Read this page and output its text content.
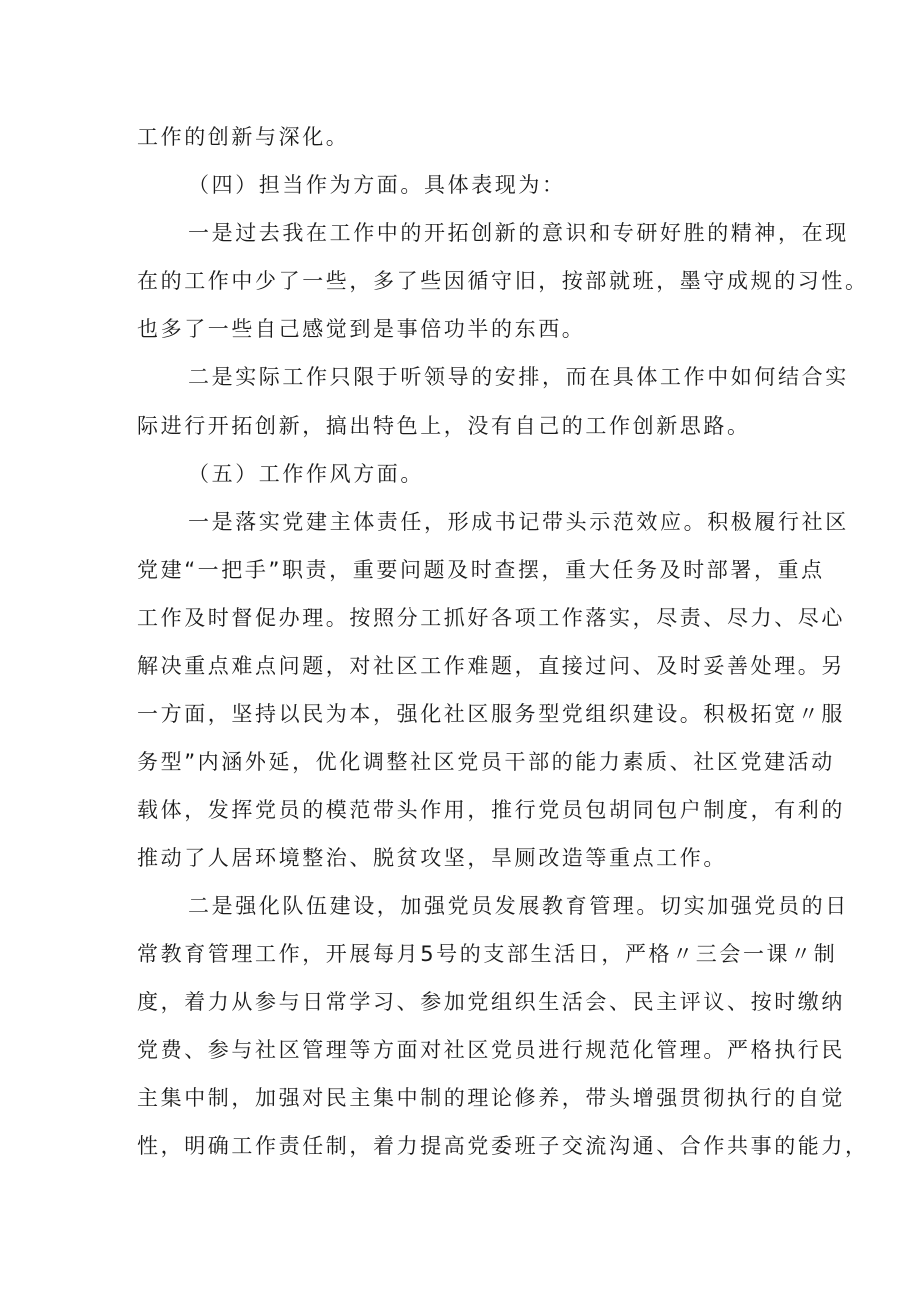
工作的创新与深化。
（四）担当作为方面。具体表现为：
一是过去我在工作中的开拓创新的意识和专研好胜的精神，在现
在的工作中少了一些，多了些因循守旧，按部就班，墨守成规的习性。
也多了一些自己感觉到是事倍功半的东西。
二是实际工作只限于听领导的安排，而在具体工作中如何结合实
际进行开拓创新，搞出特色上，没有自己的工作创新思路。
（五）工作作风方面。
一是落实党建主体责任，形成书记带头示范效应。积极履行社区
党建“一把手”职责，重要问题及时查摆，重大任务及时部署，重点
工作及时督促办理。按照分工抓好各项工作落实，尽责、尽力、尽心
解决重点难点问题，对社区工作难题，直接过问、及时妥善处理。另
一方面，坚持以民为本，强化社区服务型党组织建设。积极拓宽〃服
务型”内涵外延，优化调整社区党员干部的能力素质、社区党建活动
载体，发挥党员的模范带头作用，推行党员包胡同包户制度，有利的
推动了人居环境整治、脱贫攻坚，旱厕改造等重点工作。
二是强化队伍建设，加强党员发展教育管理。切实加强党员的日
常教育管理工作，开展每月5号的支部生活日，严格〃三会一课〃制
度，着力从参与日常学习、参加党组织生活会、民主评议、按时缴纳
党费、参与社区管理等方面对社区党员进行规范化管理。严格执行民
主集中制，加强对民主集中制的理论修养，带头增强贯彻执行的自觉
性，明确工作责任制，着力提高党委班子交流沟通、合作共事的能力，
